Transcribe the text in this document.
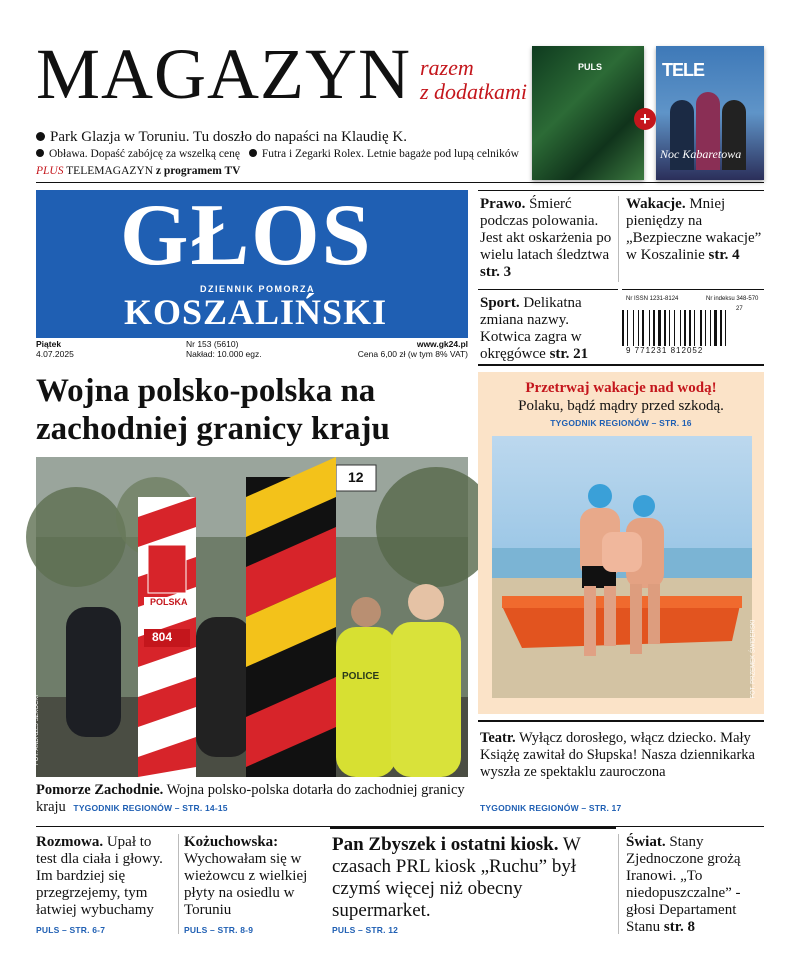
MAGAZYN razem
z dodatkami
Park Glazja w Toruniu. Tu doszło do napaści na Klaudię K.
Obława. Dopaść zabójcę za wszelką cenę Futra i Zegarki Rolex. Letnie bagaże pod lupą celników
PLUS TELEMAGAZYN z programem TV
PULS	TELE
Noc Kabaretowa
+
GŁOS
DZIENNIK POMORZA
KOSZALIŃSKI
Piątek
4.07.2025
Nr 153 (5610)
Nakład: 10.000 egz.
www.gk24.pl
Cena 6,00 zł (w tym 8% VAT)
Prawo. Śmierć podczas polowania. Jest akt oskarżenia po wielu latach śledztwa str. 3
Wakacje. Mniej pieniędzy na „Bezpieczne wakacje” w Koszalinie str. 4
Sport. Delikatna zmiana nazwy. Kotwica zagra w okręgówce str. 21
Nr ISSN 1231-8124	Nr indeksu 348-570
9 771231 812052
27
Wojna polsko-polska na zachodniej granicy kraju
POLSKA
804
12
POLICE
FOT. ANDRZEJ SZKOCKI
Pomorze Zachodnie. Wojna polsko-polska dotarła do zachodniej granicy kraju TYGODNIK REGIONÓW – STR. 14-15
Przetrwaj wakacje nad wodą!
Polaku, bądź mądry przed szkodą.
TYGODNIK REGIONÓW – STR. 16
FOT. PRZEMEK ŚWIDERSKI
Teatr. Wyłącz dorosłego, włącz dziecko. Mały Książę zawitał do Słupska! Nasza dziennikarka wyszła ze spektaklu zauroczona
TYGODNIK REGIONÓW – STR. 17
Rozmowa. Upał to test dla ciała i głowy. Im bardziej się przegrzejemy, tym łatwiej wybuchamy
PULS – STR. 6-7
Kożuchowska: Wychowałam się w wieżowcu z wielkiej płyty na osiedlu w Toruniu
PULS – STR. 8-9
Pan Zbyszek i ostatni kiosk. W czasach PRL kiosk „Ruchu” był czymś więcej niż obecny supermarket.
PULS – STR. 12
Świat. Stany Zjednoczone grożą Iranowi. „To niedopuszczalne” - głosi Departament Stanu str. 8
